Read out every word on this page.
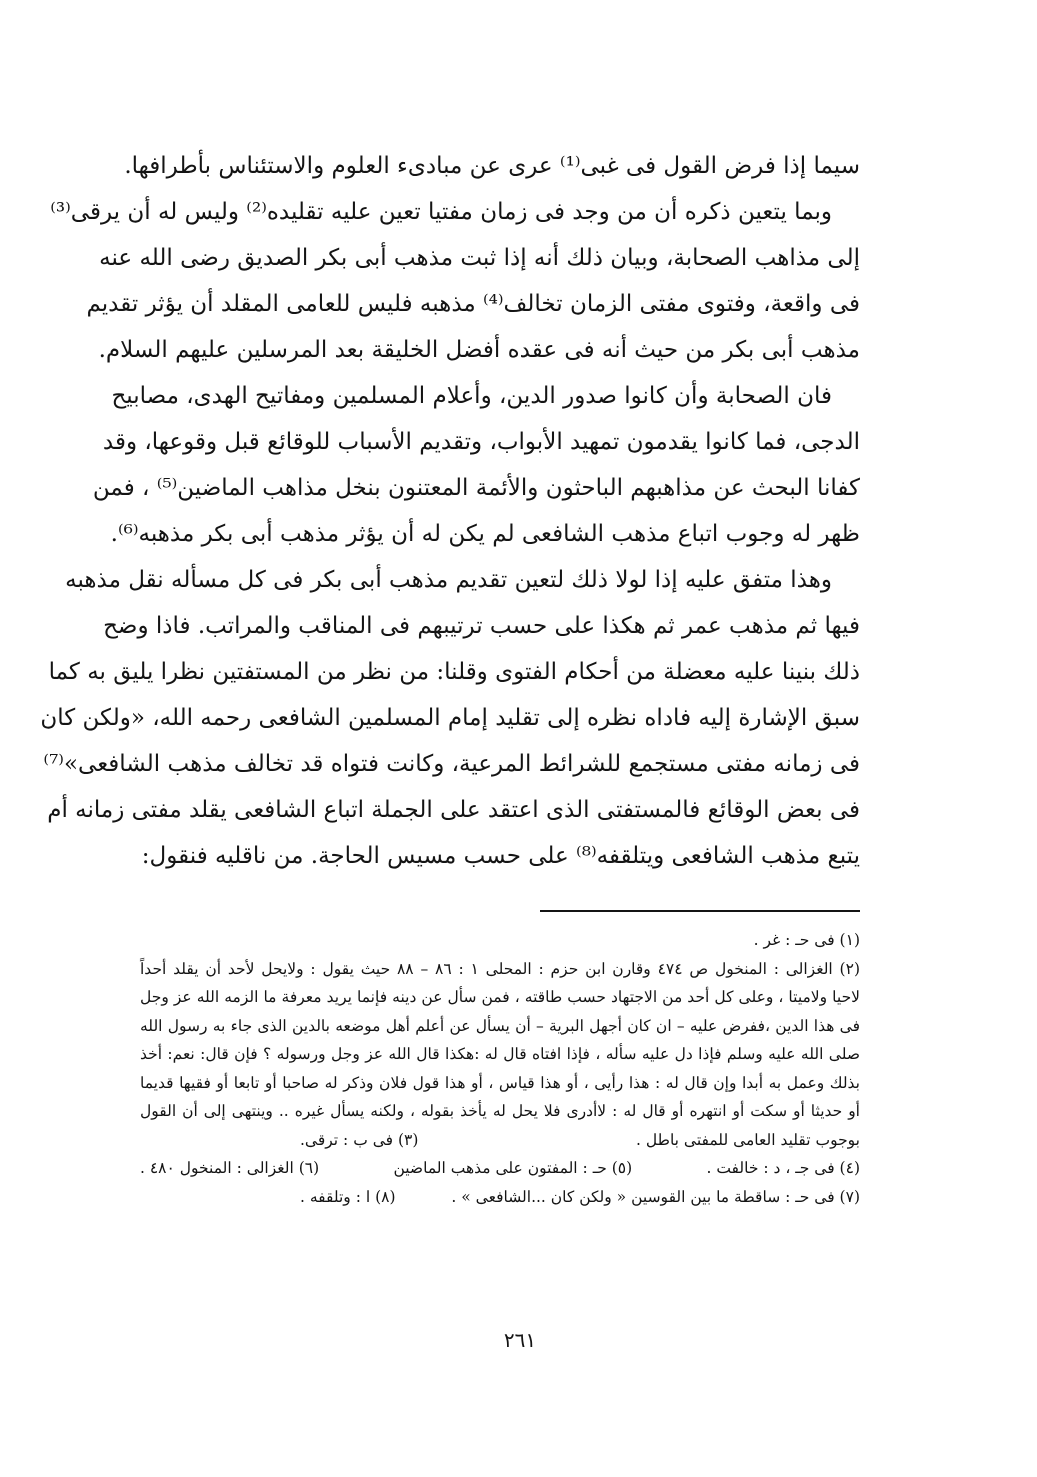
سيما إذا فرض القول فى غبى⁽¹⁾ عرى عن مبادىء العلوم والاستئناس بأطرافها.
وبما يتعين ذكره أن من وجد فى زمان مفتيا تعين عليه تقليده⁽²⁾ وليس له أن يرقى⁽³⁾
إلى مذاهب الصحابة، وبيان ذلك أنه إذا ثبت مذهب أبى بكر الصديق رضى الله عنه
فى واقعة، وفتوى مفتى الزمان تخالف⁽⁴⁾ مذهبه فليس للعامى المقلد أن يؤثر تقديم
مذهب أبى بكر من حيث أنه فى عقده أفضل الخليقة بعد المرسلين عليهم السلام.
فان الصحابة وأن كانوا صدور الدين، وأعلام المسلمين ومفاتيح الهدى، مصابيح
الدجى، فما كانوا يقدمون تمهيد الأبواب، وتقديم الأسباب للوقائع قبل وقوعها، وقد
كفانا البحث عن مذاهبهم الباحثون والأئمة المعتنون بنخل مذاهب الماضين⁽⁵⁾ ، فمن
ظهر له وجوب اتباع مذهب الشافعى لم يكن له أن يؤثر مذهب أبى بكر مذهبه⁽⁶⁾.
وهذا متفق عليه إذا لولا ذلك لتعين تقديم مذهب أبى بكر فى كل مسأله نقل مذهبه
فيها ثم مذهب عمر ثم هكذا على حسب ترتيبهم فى المناقب والمراتب. فاذا وضح
ذلك بنينا عليه معضلة من أحكام الفتوى وقلنا: من نظر من المستفتين نظرا يليق به كما
سبق الإشارة إليه فاداه نظره إلى تقليد إمام المسلمين الشافعى رحمه الله، «ولكن كان
فى زمانه مفتى مستجمع للشرائط المرعية، وكانت فتواه قد تخالف مذهب الشافعى»⁽⁷⁾
فى بعض الوقائع فالمستفتى الذى اعتقد على الجملة اتباع الشافعى يقلد مفتى زمانه أم
يتبع مذهب الشافعى ويتلقفه⁽⁸⁾ على حسب مسيس الحاجة. من ناقليه فنقول:
(١) فى حـ : غر .
(٢) الغزالى : المنخول ص ٤٧٤ وقارن ابن حزم : المحلى ١ : ٨٦ – ٨٨ حيث يقول : ولايحل لأحد أن يقلد أحداً
لاحيا ولاميتا ، وعلى كل أحد من الاجتهاد حسب طاقته ، فمن سأل عن دينه فإنما يريد معرفة ما الزمه الله عز وجل
فى هذا الدين ،ففرض عليه – ان كان أجهل البرية – أن يسأل عن أعلم أهل موضعه بالدين الذى جاء به رسول الله
صلى الله عليه وسلم فإذا دل عليه سأله ، فإذا افتاه قال له :هكذا قال الله عز وجل ورسوله ؟ فإن قال: نعم: أخذ
بذلك وعمل به أبدا وإن قال له : هذا رأيى ، أو هذا قياس ، أو هذا قول فلان وذكر له صاحبا أو تابعا أو فقيها قديما
أو حديثا أو سكت أو انتهره أو قال له : لاأدرى فلا يحل له يأخذ بقوله ، ولكنه يسأل غيره .. وينتهى إلى أن القول
بوجوب تقليد العامى للمفتى باطل .
(٣) فى ب : ترقى.
(٤) فى جـ ، د : خالفت .
(٥) حـ : المفتون على مذهب الماضين
(٦) الغزالى : المنخول ٤٨٠ .
(٧) فى حـ : ساقطة ما بين القوسين « ولكن كان ...الشافعى » .
(٨) ا : وتلقفه .
٢٦١
